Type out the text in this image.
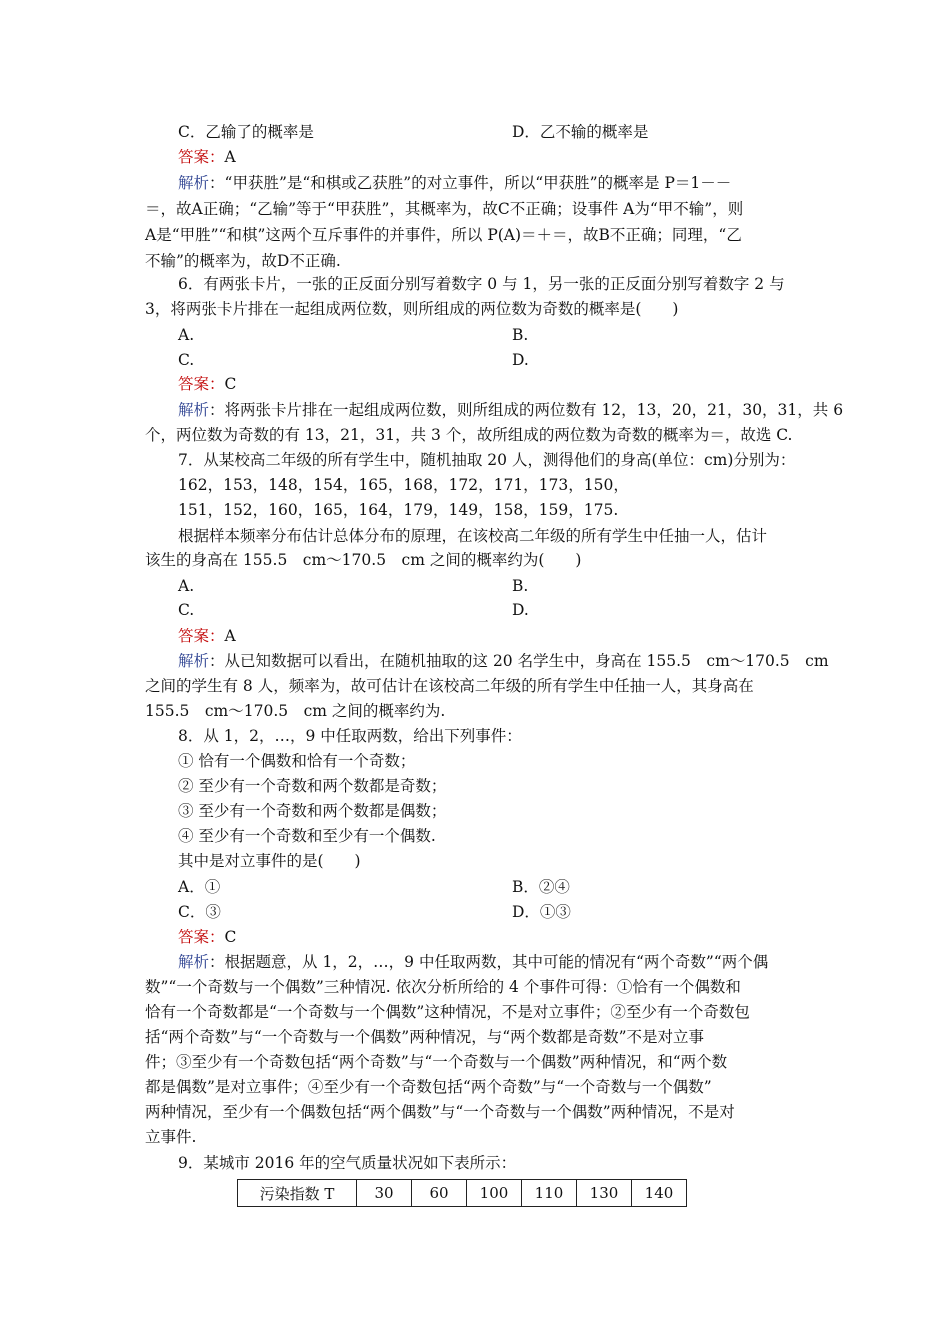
C．乙输了的概率是	D．乙不输的概率是
答案：A
解析：“甲获胜”是“和棋或乙获胜”的对立事件，所以“甲获胜”的概率是 P＝1－－
＝，故A正确；“乙输”等于“甲获胜”，其概率为，故C不正确；设事件 A为“甲不输”，则
A是“甲胜”“和棋”这两个互斥事件的并事件，所以 P(A)＝＋＝，故B不正确；同理，“乙
不输”的概率为，故D不正确.
6．有两张卡片，一张的正反面分别写着数字 0 与 1，另一张的正反面分别写着数字 2 与
3，将两张卡片排在一起组成两位数，则所组成的两位数为奇数的概率是(　　)
A.	B.
C.	D.
答案：C
解析：将两张卡片排在一起组成两位数，则所组成的两位数有 12，13，20，21，30，31，共 6
个，两位数为奇数的有 13，21，31，共 3 个，故所组成的两位数为奇数的概率为＝，故选 C.
7．从某校高二年级的所有学生中，随机抽取 20 人，测得他们的身高(单位：cm)分别为：
162，153，148，154，165，168，172，171，173，150，
151，152，160，165，164，179，149，158，159，175.
根据样本频率分布估计总体分布的原理，在该校高二年级的所有学生中任抽一人，估计
该生的身高在 155.5　cm～170.5　cm 之间的概率约为(　　)
A.	B.
C.	D.
答案：A
解析：从已知数据可以看出，在随机抽取的这 20 名学生中，身高在 155.5　cm～170.5　cm
之间的学生有 8 人，频率为，故可估计在该校高二年级的所有学生中任抽一人，其身高在
155.5　cm～170.5　cm 之间的概率约为.
8．从 1，2，…，9 中任取两数，给出下列事件：
① 恰有一个偶数和恰有一个奇数；
② 至少有一个奇数和两个数都是奇数；
③ 至少有一个奇数和两个数都是偶数；
④ 至少有一个奇数和至少有一个偶数.
其中是对立事件的是(　　)
A．①	B．②④
C．③	D．①③
答案：C
解析：根据题意，从 1，2，…，9 中任取两数，其中可能的情况有“两个奇数”“两个偶
数”“一个奇数与一个偶数”三种情况. 依次分析所给的 4 个事件可得：①恰有一个偶数和
恰有一个奇数都是“一个奇数与一个偶数”这种情况，不是对立事件；②至少有一个奇数包
括“两个奇数”与“一个奇数与一个偶数”两种情况，与“两个数都是奇数”不是对立事
件；③至少有一个奇数包括“两个奇数”与“一个奇数与一个偶数”两种情况，和“两个数
都是偶数”是对立事件；④至少有一个奇数包括“两个奇数”与“一个奇数与一个偶数”
两种情况，至少有一个偶数包括“两个偶数”与“一个奇数与一个偶数”两种情况，不是对
立事件.
9．某城市 2016 年的空气质量状况如下表所示：
污染指数 T	30	60	100	110	130	140
